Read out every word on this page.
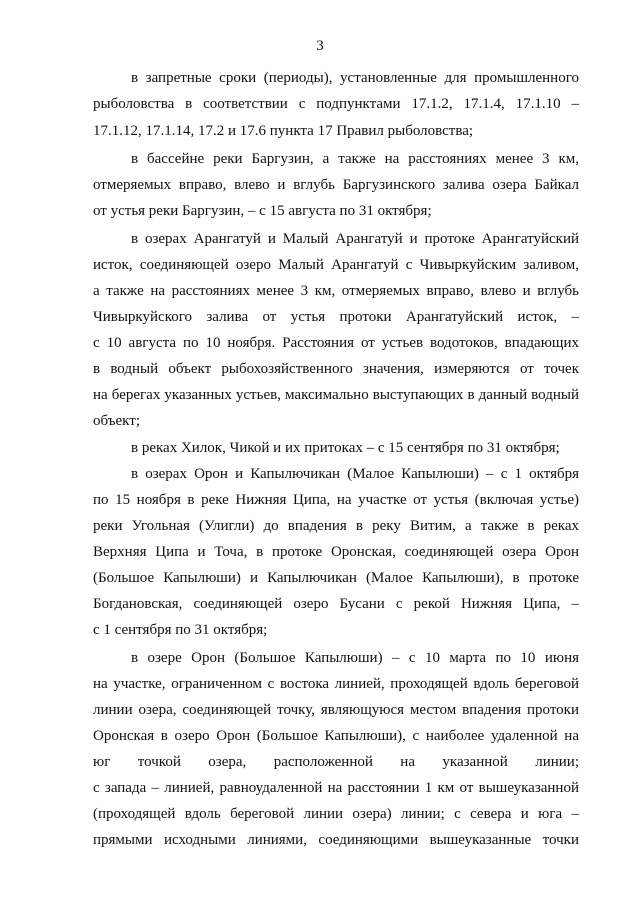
3
в запретные сроки (периоды), установленные для промышленного
рыболовства в соответствии с подпунктами 17.1.2, 17.1.4, 17.1.10 –
17.1.12, 17.1.14, 17.2 и 17.6 пункта 17 Правил рыболовства;
в бассейне реки Баргузин, а также на расстояниях менее 3 км,
отмеряемых вправо, влево и вглубь Баргузинского залива озера Байкал
от устья реки Баргузин, – с 15 августа по 31 октября;
в озерах Арангатуй и Малый Арангатуй и протоке Арангатуйский
исток, соединяющей озеро Малый Арангатуй с Чивыркуйским заливом,
а также на расстояниях менее 3 км, отмеряемых вправо, влево и вглубь
Чивыркуйского залива от устья протоки Арангатуйский исток, –
с 10 августа по 10 ноября. Расстояния от устьев водотоков, впадающих
в водный объект рыбохозяйственного значения, измеряются от точек
на берегах указанных устьев, максимально выступающих в данный водный
объект;
в реках Хилок, Чикой и их притоках – с 15 сентября по 31 октября;
в озерах Орон и Капылючикан (Малое Капылюши) – с 1 октября
по 15 ноября в реке Нижняя Ципа, на участке от устья (включая устье)
реки Угольная (Улигли) до впадения в реку Витим, а также в реках
Верхняя Ципа и Точа, в протоке Оронская, соединяющей озера Орон
(Большое Капылюши) и Капылючикан (Малое Капылюши), в протоке
Богдановская, соединяющей озеро Бусани с рекой Нижняя Ципа, –
с 1 сентября по 31 октября;
в озере Орон (Большое Капылюши) – с 10 марта по 10 июня
на участке, ограниченном с востока линией, проходящей вдоль береговой
линии озера, соединяющей точку, являющуюся местом впадения протоки
Оронская в озеро Орон (Большое Капылюши), с наиболее удаленной на
юг точкой озера, расположенной на указанной линии;
с запада – линией, равноудаленной на расстоянии 1 км от вышеуказанной
(проходящей вдоль береговой линии озера) линии; с севера и юга –
прямыми исходными линиями, соединяющими вышеуказанные точки
